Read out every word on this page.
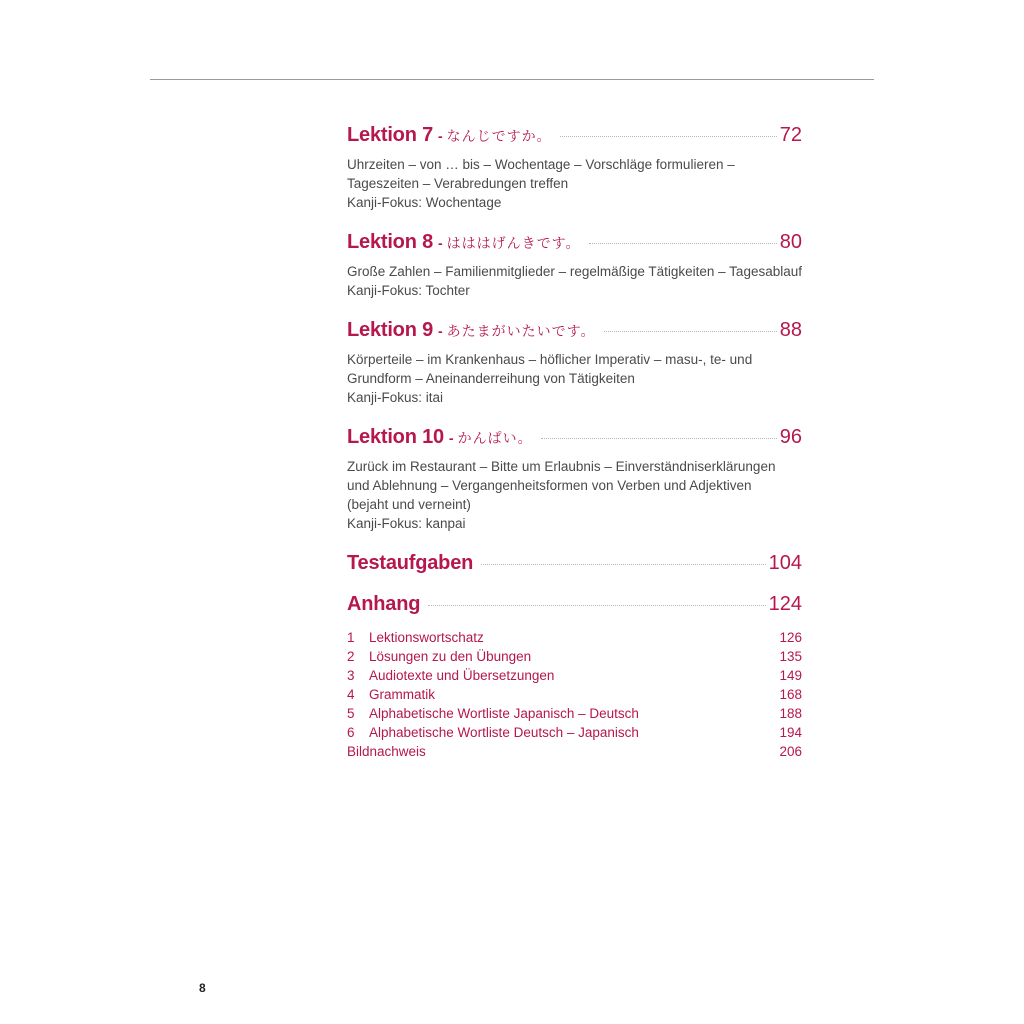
Lektion 7 - なんじですか。	72
Uhrzeiten – von … bis – Wochentage – Vorschläge formulieren –
Tageszeiten – Verabredungen treffen
Kanji-Fokus: Wochentage
Lektion 8 - はははげんきです。	80
Große Zahlen – Familienmitglieder – regelmäßige Tätigkeiten – Tagesablauf
Kanji-Fokus: Tochter
Lektion 9 - あたまがいたいです。	88
Körperteile – im Krankenhaus – höflicher Imperativ – masu-, te- und
Grundform – Aneinanderreihung von Tätigkeiten
Kanji-Fokus: itai
Lektion 10 - かんぱい。	96
Zurück im Restaurant – Bitte um Erlaubnis – Einverständniserklärungen
und Ablehnung – Vergangenheitsformen von Verben und Adjektiven
(bejaht und verneint)
Kanji-Fokus: kanpai
Testaufgaben	104
Anhang	124
1 Lektionswortschatz	126
2 Lösungen zu den Übungen	135
3 Audiotexte und Übersetzungen	149
4 Grammatik	168
5 Alphabetische Wortliste Japanisch – Deutsch	188
6 Alphabetische Wortliste Deutsch – Japanisch	194
Bildnachweis	206
8
